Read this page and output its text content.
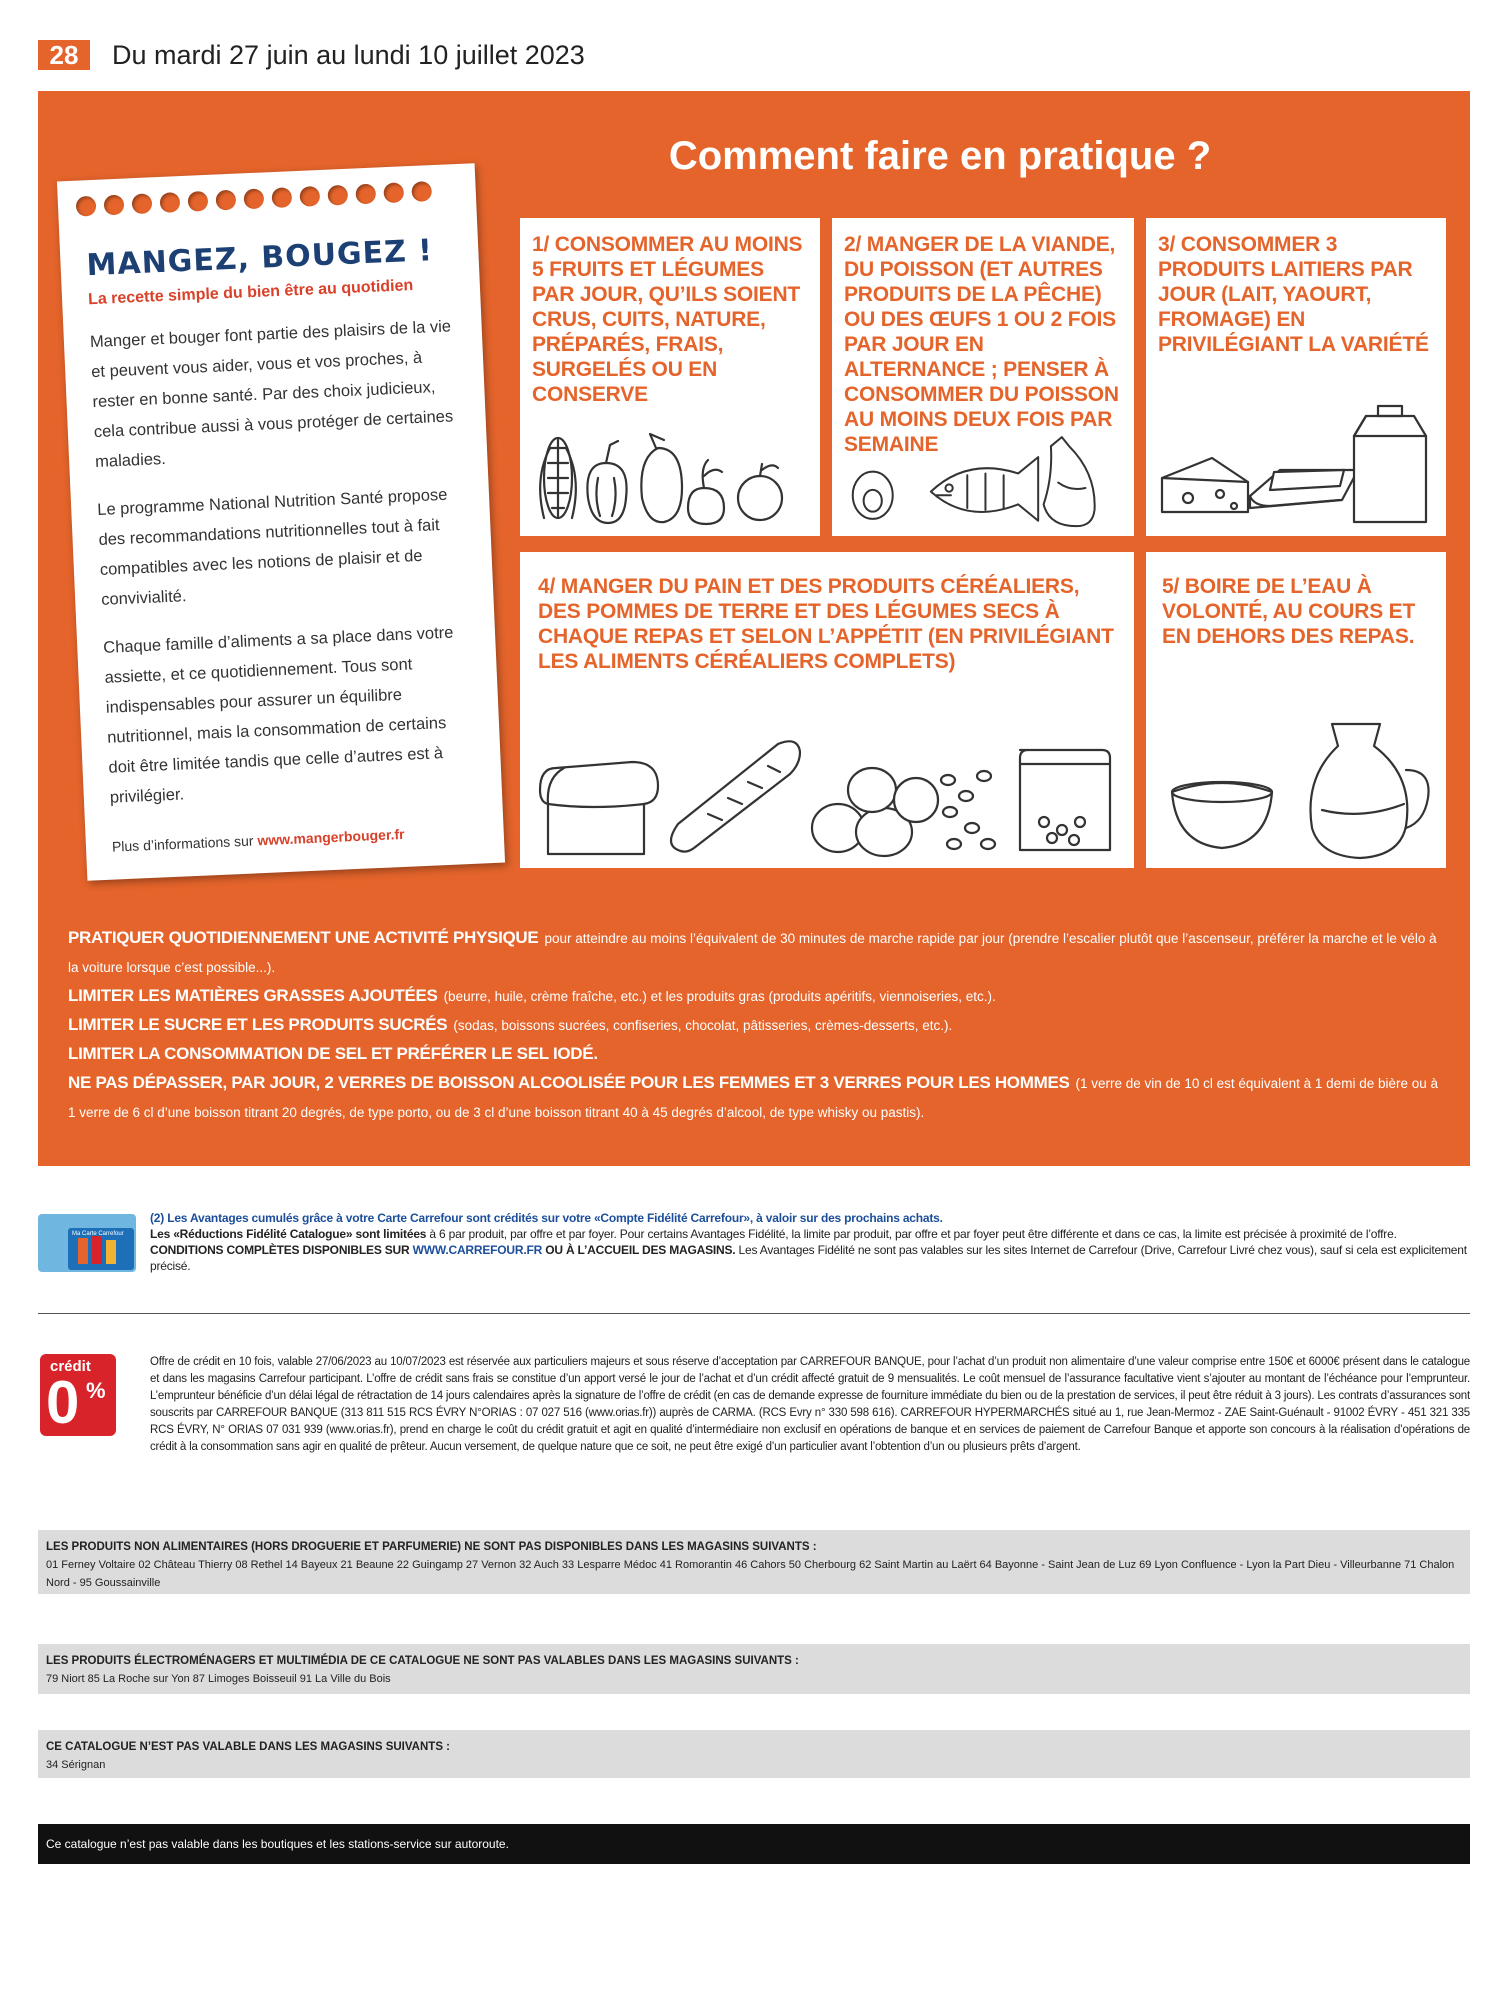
28	Du mardi 27 juin au lundi 10 juillet 2023
MANGEZ, BOUGEZ !
La recette simple du bien être au quotidien

Manger et bouger font partie des plaisirs de la vie et peuvent vous aider, vous et vos proches, à rester en bonne santé. Par des choix judicieux, cela contribue aussi à vous protéger de certaines maladies.

Le programme National Nutrition Santé propose des recommandations nutritionnelles tout à fait compatibles avec les notions de plaisir et de convivialité.

Chaque famille d’aliments a sa place dans votre assiette, et ce quotidiennement. Tous sont indispensables pour assurer un équilibre nutritionnel, mais la consommation de certains doit être limitée tandis que celle d’autres est à privilégier.

Plus d’informations sur www.mangerbouger.fr

Comment faire en pratique ?
1/ CONSOMMER AU MOINS 5 FRUITS ET LÉGUMES PAR JOUR, QU’ILS SOIENT CRUS, CUITS, NATURE, PRÉPARÉS, FRAIS, SURGELÉS OU EN CONSERVE
2/ MANGER DE LA VIANDE, DU POISSON (ET AUTRES PRODUITS DE LA PÊCHE) OU DES ŒUFS 1 OU 2 FOIS PAR JOUR EN ALTERNANCE ; PENSER À CONSOMMER DU POISSON AU MOINS DEUX FOIS PAR SEMAINE
3/ CONSOMMER 3 PRODUITS LAITIERS PAR JOUR (LAIT, YAOURT, FROMAGE) EN PRIVILÉGIANT LA VARIÉTÉ
4/ MANGER DU PAIN ET DES PRODUITS CÉRÉALIERS, DES POMMES DE TERRE ET DES LÉGUMES SECS À CHAQUE REPAS ET SELON L’APPÉTIT (EN PRIVILÉGIANT LES ALIMENTS CÉRÉALIERS COMPLETS)
5/ BOIRE DE L’EAU À VOLONTÉ, AU COURS ET EN DEHORS DES REPAS.

PRATIQUER QUOTIDIENNEMENT UNE ACTIVITÉ PHYSIQUE pour atteindre au moins l’équivalent de 30 minutes de marche rapide par jour (prendre l’escalier plutôt que l’ascenseur, préférer la marche et le vélo à la voiture lorsque c’est possible...).

LIMITER LES MATIÈRES GRASSES AJOUTÉES (beurre, huile, crème fraîche, etc.) et les produits gras (produits apéritifs, viennoiseries, etc.).

LIMITER LE SUCRE ET LES PRODUITS SUCRÉS (sodas, boissons sucrées, confiseries, chocolat, pâtisseries, crèmes-desserts, etc.).

LIMITER LA CONSOMMATION DE SEL ET PRÉFÉRER LE SEL IODÉ.

NE PAS DÉPASSER, PAR JOUR, 2 VERRES DE BOISSON ALCOOLISÉE POUR LES FEMMES ET 3 VERRES POUR LES HOMMES (1 verre de vin de 10 cl est équivalent à 1 demi de bière ou à 1 verre de 6 cl d’une boisson titrant 20 degrés, de type porto, ou de 3 cl d’une boisson titrant 40 à 45 degrés d’alcool, de type whisky ou pastis).

Ma Carte Carrefour
(2) Les Avantages cumulés grâce à votre Carte Carrefour sont crédités sur votre «Compte Fidélité Carrefour», à valoir sur des prochains achats.
Les «Réductions Fidélité Catalogue» sont limitées à 6 par produit, par offre et par foyer. Pour certains Avantages Fidélité, la limite par produit, par offre et par foyer peut être différente et dans ce cas, la limite est précisée à proximité de l’offre.
CONDITIONS COMPLÈTES DISPONIBLES SUR WWW.CARREFOUR.FR OU À L’ACCUEIL DES MAGASINS. Les Avantages Fidélité ne sont pas valables sur les sites Internet de Carrefour (Drive, Carrefour Livré chez vous), sauf si cela est explicitement précisé.
crédit
0 %
Offre de crédit en 10 fois, valable 27/06/2023 au 10/07/2023 est réservée aux particuliers majeurs et sous réserve d’acceptation par CARREFOUR BANQUE, pour l’achat d’un produit non alimentaire d’une valeur comprise entre 150€ et 6000€ présent dans le catalogue et dans les magasins Carrefour participant. L’offre de crédit sans frais se constitue d’un apport versé le jour de l’achat et d’un crédit affecté gratuit de 9 mensualités. Le coût mensuel de l’assurance facultative vient s’ajouter au montant de l’échéance pour l’emprunteur. L’emprunteur bénéficie d’un délai légal de rétractation de 14 jours calendaires après la signature de l’offre de crédit (en cas de demande expresse de fourniture immédiate du bien ou de la prestation de services, il peut être réduit à 3 jours). Les contrats d’assurances sont souscrits par CARREFOUR BANQUE (313 811 515 RCS ÉVRY N°ORIAS : 07 027 516 (www.orias.fr)) auprès de CARMA. (RCS Evry n° 330 598 616). CARREFOUR HYPERMARCHÉS situé au 1, rue Jean-Mermoz - ZAE Saint-Guénault - 91002 ÉVRY - 451 321 335 RCS ÉVRY, N° ORIAS 07 031 939 (www.orias.fr), prend en charge le coût du crédit gratuit et agit en qualité d’intermédiaire non exclusif en opérations de banque et en services de paiement de Carrefour Banque et apporte son concours à la réalisation d’opérations de crédit à la consommation sans agir en qualité de prêteur. Aucun versement, de quelque nature que ce soit, ne peut être exigé d’un particulier avant l’obtention d’un ou plusieurs prêts d’argent.
LES PRODUITS NON ALIMENTAIRES (HORS DROGUERIE ET PARFUMERIE) NE SONT PAS DISPONIBLES DANS LES MAGASINS SUIVANTS :
01 Ferney Voltaire 02 Château Thierry 08 Rethel 14 Bayeux 21 Beaune 22 Guingamp 27 Vernon 32 Auch 33 Lesparre Médoc 41 Romorantin 46 Cahors 50 Cherbourg 62 Saint Martin au Laërt 64 Bayonne - Saint Jean de Luz 69 Lyon Confluence - Lyon la Part Dieu - Villeurbanne 71 Chalon Nord - 95 Goussainville
LES PRODUITS ÉLECTROMÉNAGERS ET MULTIMÉDIA DE CE CATALOGUE NE SONT PAS VALABLES DANS LES MAGASINS SUIVANTS :
79 Niort 85 La Roche sur Yon 87 Limoges Boisseuil 91 La Ville du Bois
CE CATALOGUE N’EST PAS VALABLE DANS LES MAGASINS SUIVANTS :
34 Sérignan
Ce catalogue n’est pas valable dans les boutiques et les stations-service sur autoroute.
